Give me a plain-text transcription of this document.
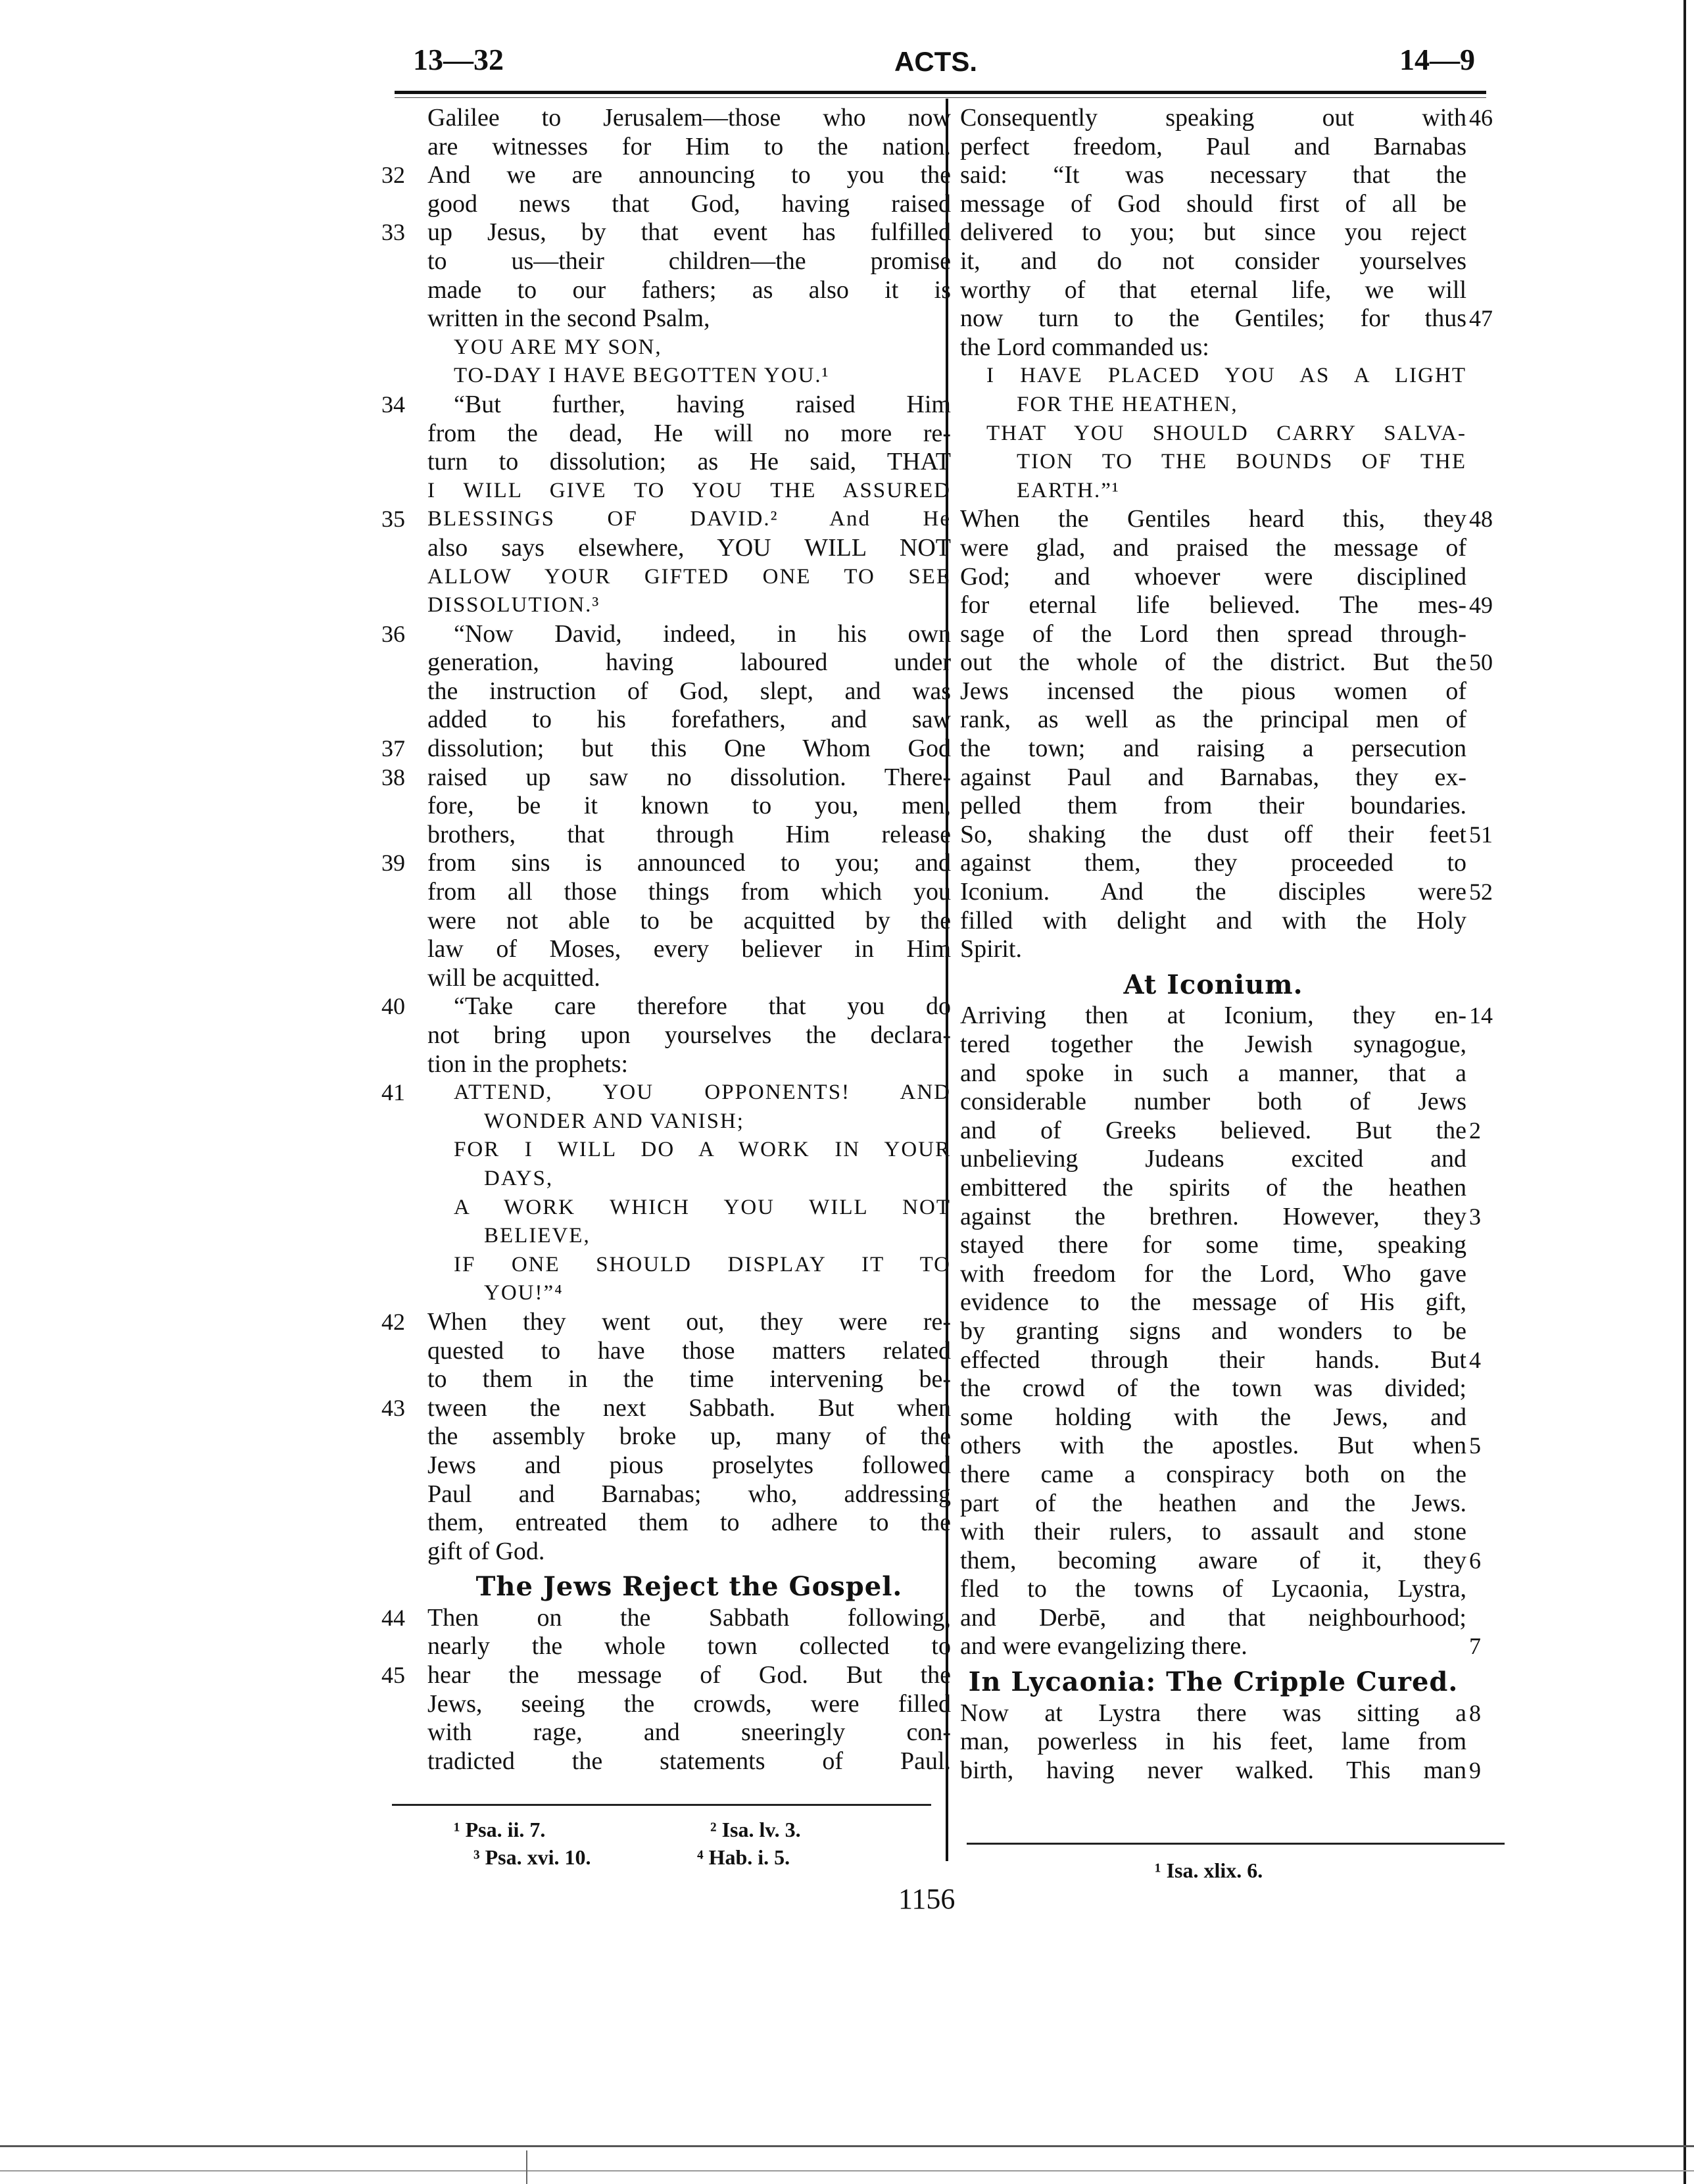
13—32	ACTS.	14—9
Galilee to Jerusalem—those who now
are witnesses for Him to the nation.
32 And we are announcing to you the
good news that God, having raised
33 up Jesus, by that event has fulfilled
to us—their children—the promise
made to our fathers; as also it is
written in the second Psalm,
YOU ARE MY SON,
TO-DAY I HAVE BEGOTTEN YOU.¹
34	“But further, having raised Him
from the dead, He will no more re-
turn to dissolution; as He said, THAT
I WILL GIVE TO YOU THE ASSURED
35 BLESSINGS OF DAVID.² And He
also says elsewhere, YOU WILL NOT
ALLOW YOUR GIFTED ONE TO SEE
DISSOLUTION.³
36	“Now David, indeed, in his own
generation, having laboured under
the instruction of God, slept, and was
added to his forefathers, and saw
37 dissolution; but this One Whom God
38 raised up saw no dissolution. There-
fore, be it known to you, men,
brothers, that through Him release
39 from sins is announced to you; and
from all those things from which you
were not able to be acquitted by the
law of Moses, every believer in Him
will be acquitted.
40	“Take care therefore that you do
not bring upon yourselves the declara-
tion in the prophets:
41	ATTEND, YOU OPPONENTS! AND
WONDER AND VANISH;
FOR I WILL DO A WORK IN YOUR
DAYS,
A WORK WHICH YOU WILL NOT
BELIEVE,
IF ONE SHOULD DISPLAY IT TO
YOU!”⁴
42 When they went out, they were re-
quested to have those matters related
to them in the time intervening be-
43 tween the next Sabbath. But when
the assembly broke up, many of the
Jews and pious proselytes followed
Paul and Barnabas; who, addressing
them, entreated them to adhere to the
gift of God.
The Jews Reject the Gospel.
44 Then on the Sabbath following,
nearly the whole town collected to
45 hear the message of God. But the
Jews, seeing the crowds, were filled
with rage, and sneeringly con-
tradicted the statements of Paul.
46
Consequently speaking out with
perfect freedom, Paul and Barnabas
said: “It was necessary that the
message of God should first of all be
delivered to you; but since you reject
it, and do not consider yourselves
worthy of that eternal life, we will
47
now turn to the Gentiles; for thus
the Lord commanded us:
I HAVE PLACED YOU AS A LIGHT
FOR THE HEATHEN,
THAT YOU SHOULD CARRY SALVA-
TION TO THE BOUNDS OF THE
EARTH.”¹
48
When the Gentiles heard this, they
were glad, and praised the message of
God; and whoever were disciplined
49
for eternal life believed. The mes-
sage of the Lord then spread through-
50
out the whole of the district. But the
Jews incensed the pious women of
rank, as well as the principal men of
the town; and raising a persecution
against Paul and Barnabas, they ex-
pelled them from their boundaries.
51
So, shaking the dust off their feet
against them, they proceeded to
52
Iconium. And the disciples were
filled with delight and with the Holy
Spirit.
At Iconium.
14
Arriving then at Iconium, they en-
tered together the Jewish synagogue,
and spoke in such a manner, that a
considerable number both of Jews
2
and of Greeks believed. But the
unbelieving Judeans excited and
embittered the spirits of the heathen
3
against the brethren. However, they
stayed there for some time, speaking
with freedom for the Lord, Who gave
evidence to the message of His gift,
by granting signs and wonders to be
4
effected through their hands. But
the crowd of the town was divided;
some holding with the Jews, and
5
others with the apostles. But when
there came a conspiracy both on the
part of the heathen and the Jews.
with their rulers, to assault and stone
6
them, becoming aware of it, they
fled to the towns of Lycaonia, Lystra,
and Derbē, and that neighbourhood;
7
and were evangelizing there.
In Lycaonia: The Cripple Cured.
8
Now at Lystra there was sitting a
man, powerless in his feet, lame from
9
birth, having never walked. This man
¹ Psa. ii. 7.	² Isa. lv. 3.
³ Psa. xvi. 10.	⁴ Hab. i. 5.
¹ Isa. xlix. 6.
1156
